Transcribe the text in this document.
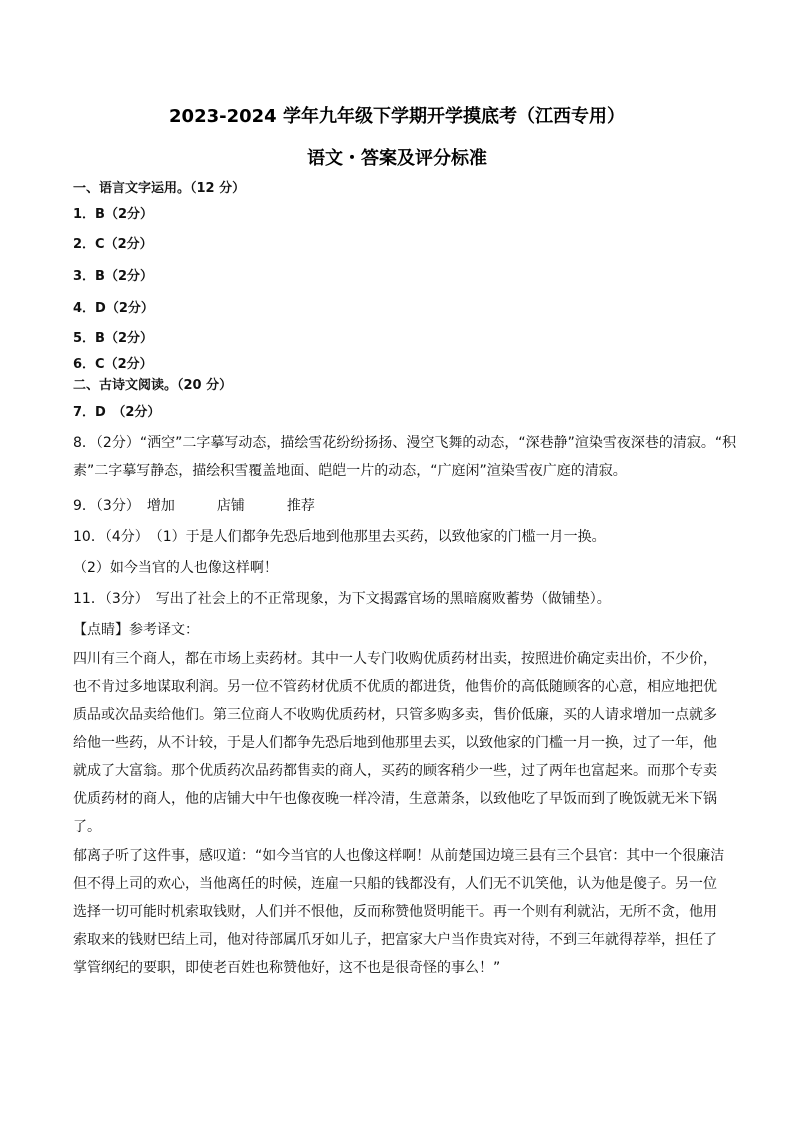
2023-2024 学年九年级下学期开学摸底考（江西专用）
语文・答案及评分标准
一、语言文字运用。（12 分）
1．B（2分）
2．C（2分）
3．B（2分）
4．D（2分）
5．B（2分）
6．C（2分）
二、古诗文阅读。（20 分）
7．D　（2分）
8．（2分）“洒空”二字摹写动态，描绘雪花纷纷扬扬、漫空飞舞的动态，“深巷静”渲染雪夜深巷的清寂。“积
素”二字摹写静态，描绘积雪覆盖地面、皑皑一片的动态，“广庭闲”渲染雪夜广庭的清寂。
9．（3分）　增加　　　店铺　　　推荐
10．（4分）　（1）于是人们都争先恐后地到他那里去买药，以致他家的门槛一月一换。
（2）如今当官的人也像这样啊！
11．（3分）　写出了社会上的不正常现象，为下文揭露官场的黑暗腐败蓄势（做铺垫）。
【点睛】参考译文：
四川有三个商人，都在市场上卖药材。其中一人专门收购优质药材出卖，按照进价确定卖出价，不少价，
也不肯过多地谋取利润。另一位不管药材优质不优质的都进货，他售价的高低随顾客的心意，相应地把优
质品或次品卖给他们。第三位商人不收购优质药材，只管多购多卖，售价低廉，买的人请求增加一点就多
给他一些药，从不计较，于是人们都争先恐后地到他那里去买，以致他家的门槛一月一换，过了一年，他
就成了大富翁。那个优质药次品药都售卖的商人，买药的顾客稍少一些，过了两年也富起来。而那个专卖
优质药材的商人，他的店铺大中午也像夜晚一样冷清，生意萧条，以致他吃了早饭而到了晚饭就无米下锅
了。
郁离子听了这件事，感叹道：“如今当官的人也像这样啊！从前楚国边境三县有三个县官：其中一个很廉洁
但不得上司的欢心，当他离任的时候，连雇一只船的钱都没有，人们无不讥笑他，认为他是傻子。另一位
选择一切可能时机索取钱财，人们并不恨他，反而称赞他贤明能干。再一个则有利就沾，无所不贪，他用
索取来的钱财巴结上司，他对待部属爪牙如儿子，把富家大户当作贵宾对待，不到三年就得荐举，担任了
掌管纲纪的要职，即使老百姓也称赞他好，这不也是很奇怪的事么！”
